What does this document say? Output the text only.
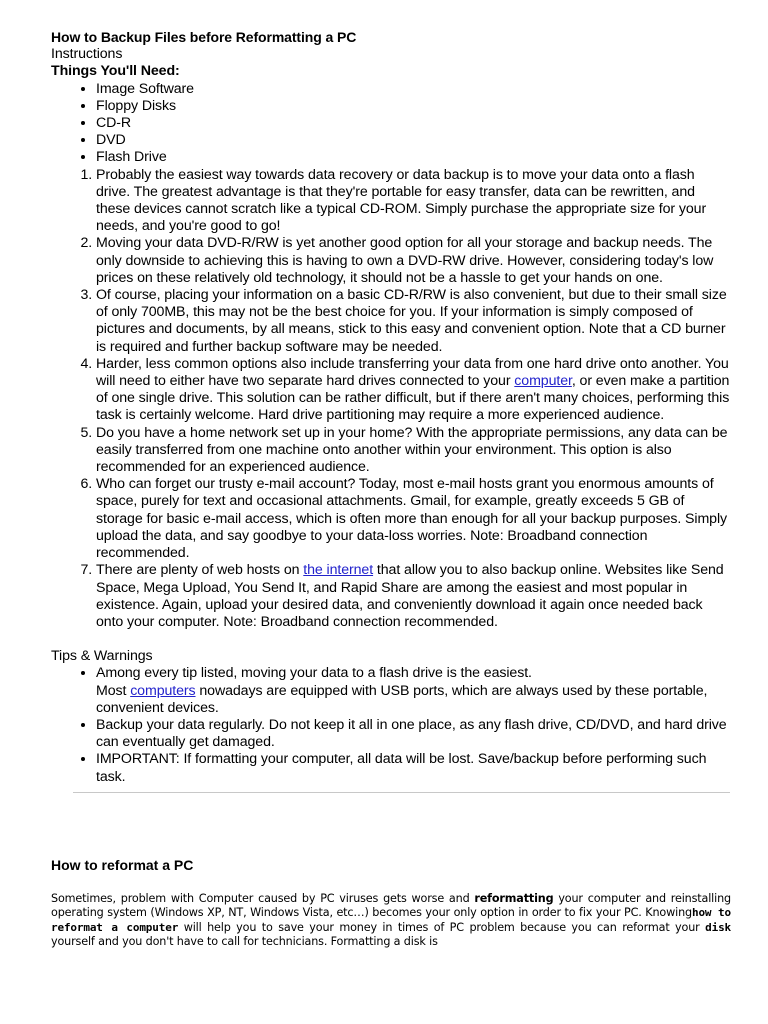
How to Backup Files before Reformatting a PC

Instructions

Things You'll Need:

• Image Software
• Floppy Disks
• CD-R
• DVD
• Flash Drive
1. Probably the easiest way towards data recovery or data backup is to move your data onto a flash drive. The greatest advantage is that they're portable for easy transfer, data can be rewritten, and these devices cannot scratch like a typical CD-ROM. Simply purchase the appropriate size for your needs, and you're good to go!
2. Moving your data DVD-R/RW is yet another good option for all your storage and backup needs. The only downside to achieving this is having to own a DVD-RW drive. However, considering today's low prices on these relatively old technology, it should not be a hassle to get your hands on one.
3. Of course, placing your information on a basic CD-R/RW is also convenient, but due to their small size of only 700MB, this may not be the best choice for you. If your information is simply composed of pictures and documents, by all means, stick to this easy and convenient option. Note that a CD burner is required and further backup software may be needed.
4. Harder, less common options also include transferring your data from one hard drive onto another. You will need to either have two separate hard drives connected to your computer, or even make a partition of one single drive. This solution can be rather difficult, but if there aren't many choices, performing this task is certainly welcome. Hard drive partitioning may require a more experienced audience.
5. Do you have a home network set up in your home? With the appropriate permissions, any data can be easily transferred from one machine onto another within your environment. This option is also recommended for an experienced audience.
6. Who can forget our trusty e-mail account? Today, most e-mail hosts grant you enormous amounts of space, purely for text and occasional attachments. Gmail, for example, greatly exceeds 5 GB of storage for basic e-mail access, which is often more than enough for all your backup purposes. Simply upload the data, and say goodbye to your data-loss worries. Note: Broadband connection recommended.
7. There are plenty of web hosts on the internet that allow you to also backup online. Websites like Send Space, Mega Upload, You Send It, and Rapid Share are among the easiest and most popular in existence. Again, upload your desired data, and conveniently download it again once needed back onto your computer. Note: Broadband connection recommended.

Tips & Warnings

• Among every tip listed, moving your data to a flash drive is the easiest.
Most computers nowadays are equipped with USB ports, which are always used by these portable, convenient devices.
• Backup your data regularly. Do not keep it all in one place, as any flash drive, CD/DVD, and hard drive can eventually get damaged.
• IMPORTANT: If formatting your computer, all data will be lost. Save/backup before performing such task.

How to reformat a PC

Sometimes, problem with Computer caused by PC viruses gets worse and reformatting your computer and reinstalling operating system (Windows XP, NT, Windows Vista, etc…) becomes your only option in order to fix your PC. Knowinghow to reformat a computer will help you to save your money in times of PC problem because you can reformat your disk yourself and you don't have to call for technicians. Formatting a disk is
